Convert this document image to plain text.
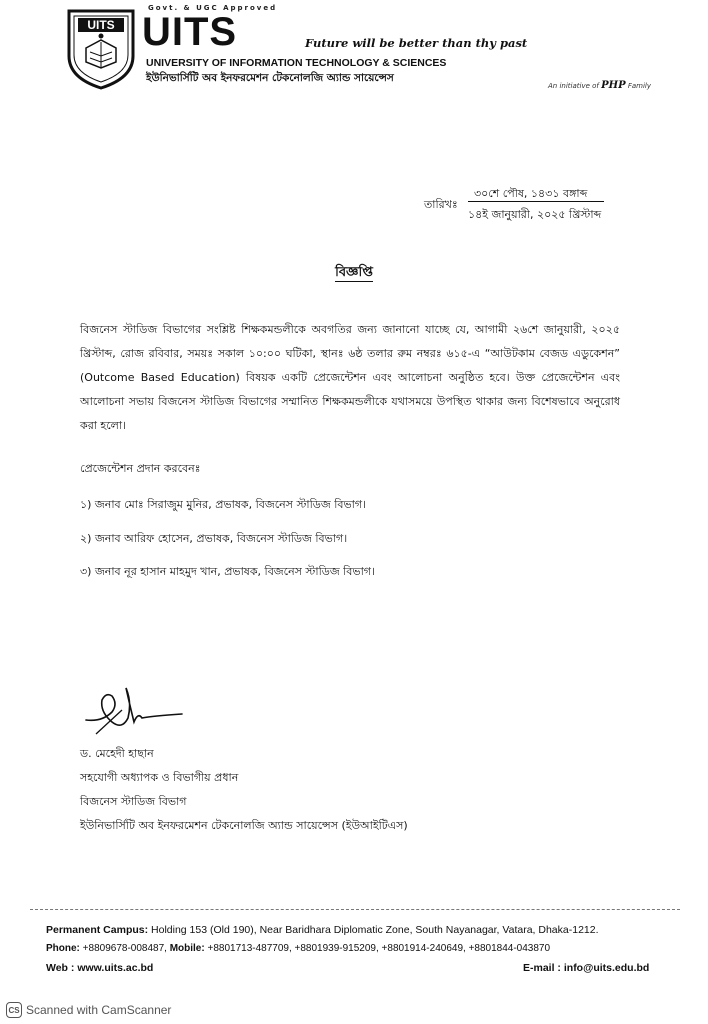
UITS
Govt. & UGC Approved
UITS	Future will be better than thy past
UNIVERSITY OF INFORMATION TECHNOLOGY & SCIENCES
ইউনিভার্সিটি অব ইনফরমেশন টেকনোলজি অ্যান্ড সায়েন্সেস
An initiative of PHP Family
তারিখঃ
৩০শে পৌষ, ১৪৩১ বঙ্গাব্দ
১৪ই জানুয়ারী, ২০২৫ খ্রিস্টাব্দ
বিজ্ঞপ্তি
বিজনেস স্টাডিজ বিভাগের সংশ্লিষ্ট শিক্ষকমন্ডলীকে অবগতির জন্য জানানো যাচ্ছে যে, আগামী ২৬শে জানুয়ারী, ২০২৫ খ্রিস্টাব্দ, রোজ রবিবার, সময়ঃ সকাল ১০:০০ ঘটিকা, স্থানঃ ৬ষ্ঠ তলার রুম নম্বরঃ ৬১৫-এ “আউটকাম বেজড এডুকেশন” (Outcome Based Education) বিষয়ক একটি প্রেজেন্টেশন এবং আলোচনা অনুষ্ঠিত হবে। উক্ত প্রেজেন্টেশন এবং আলোচনা সভায় বিজনেস স্টাডিজ বিভাগের সম্মানিত শিক্ষকমন্ডলীকে যথাসময়ে উপস্থিত থাকার জন্য বিশেষভাবে অনুরোধ করা হলো।
প্রেজেন্টেশন প্রদান করবেনঃ
১) জনাব মোঃ সিরাজুম মুনির, প্রভাষক, বিজনেস স্টাডিজ বিভাগ।
২) জনাব আরিফ হোসেন, প্রভাষক, বিজনেস স্টাডিজ বিভাগ।
৩) জনাব নূর হাসান মাহমুদ খান, প্রভাষক, বিজনেস স্টাডিজ বিভাগ।
ড. মেহেদী হাছান
সহযোগী অধ্যাপক ও বিভাগীয় প্রধান
বিজনেস স্টাডিজ বিভাগ
ইউনিভার্সিটি অব ইনফরমেশন টেকনোলজি অ্যান্ড সায়েন্সেস (ইউআইটিএস)
Permanent Campus: Holding 153 (Old 190), Near Baridhara Diplomatic Zone, South Nayanagar, Vatara, Dhaka-1212.
Phone: +8809678-008487, Mobile: +8801713-487709, +8801939-915209, +8801914-240649, +8801844-043870
Web : www.uits.ac.bd	E-mail : info@uits.edu.bd
CS Scanned with CamScanner
